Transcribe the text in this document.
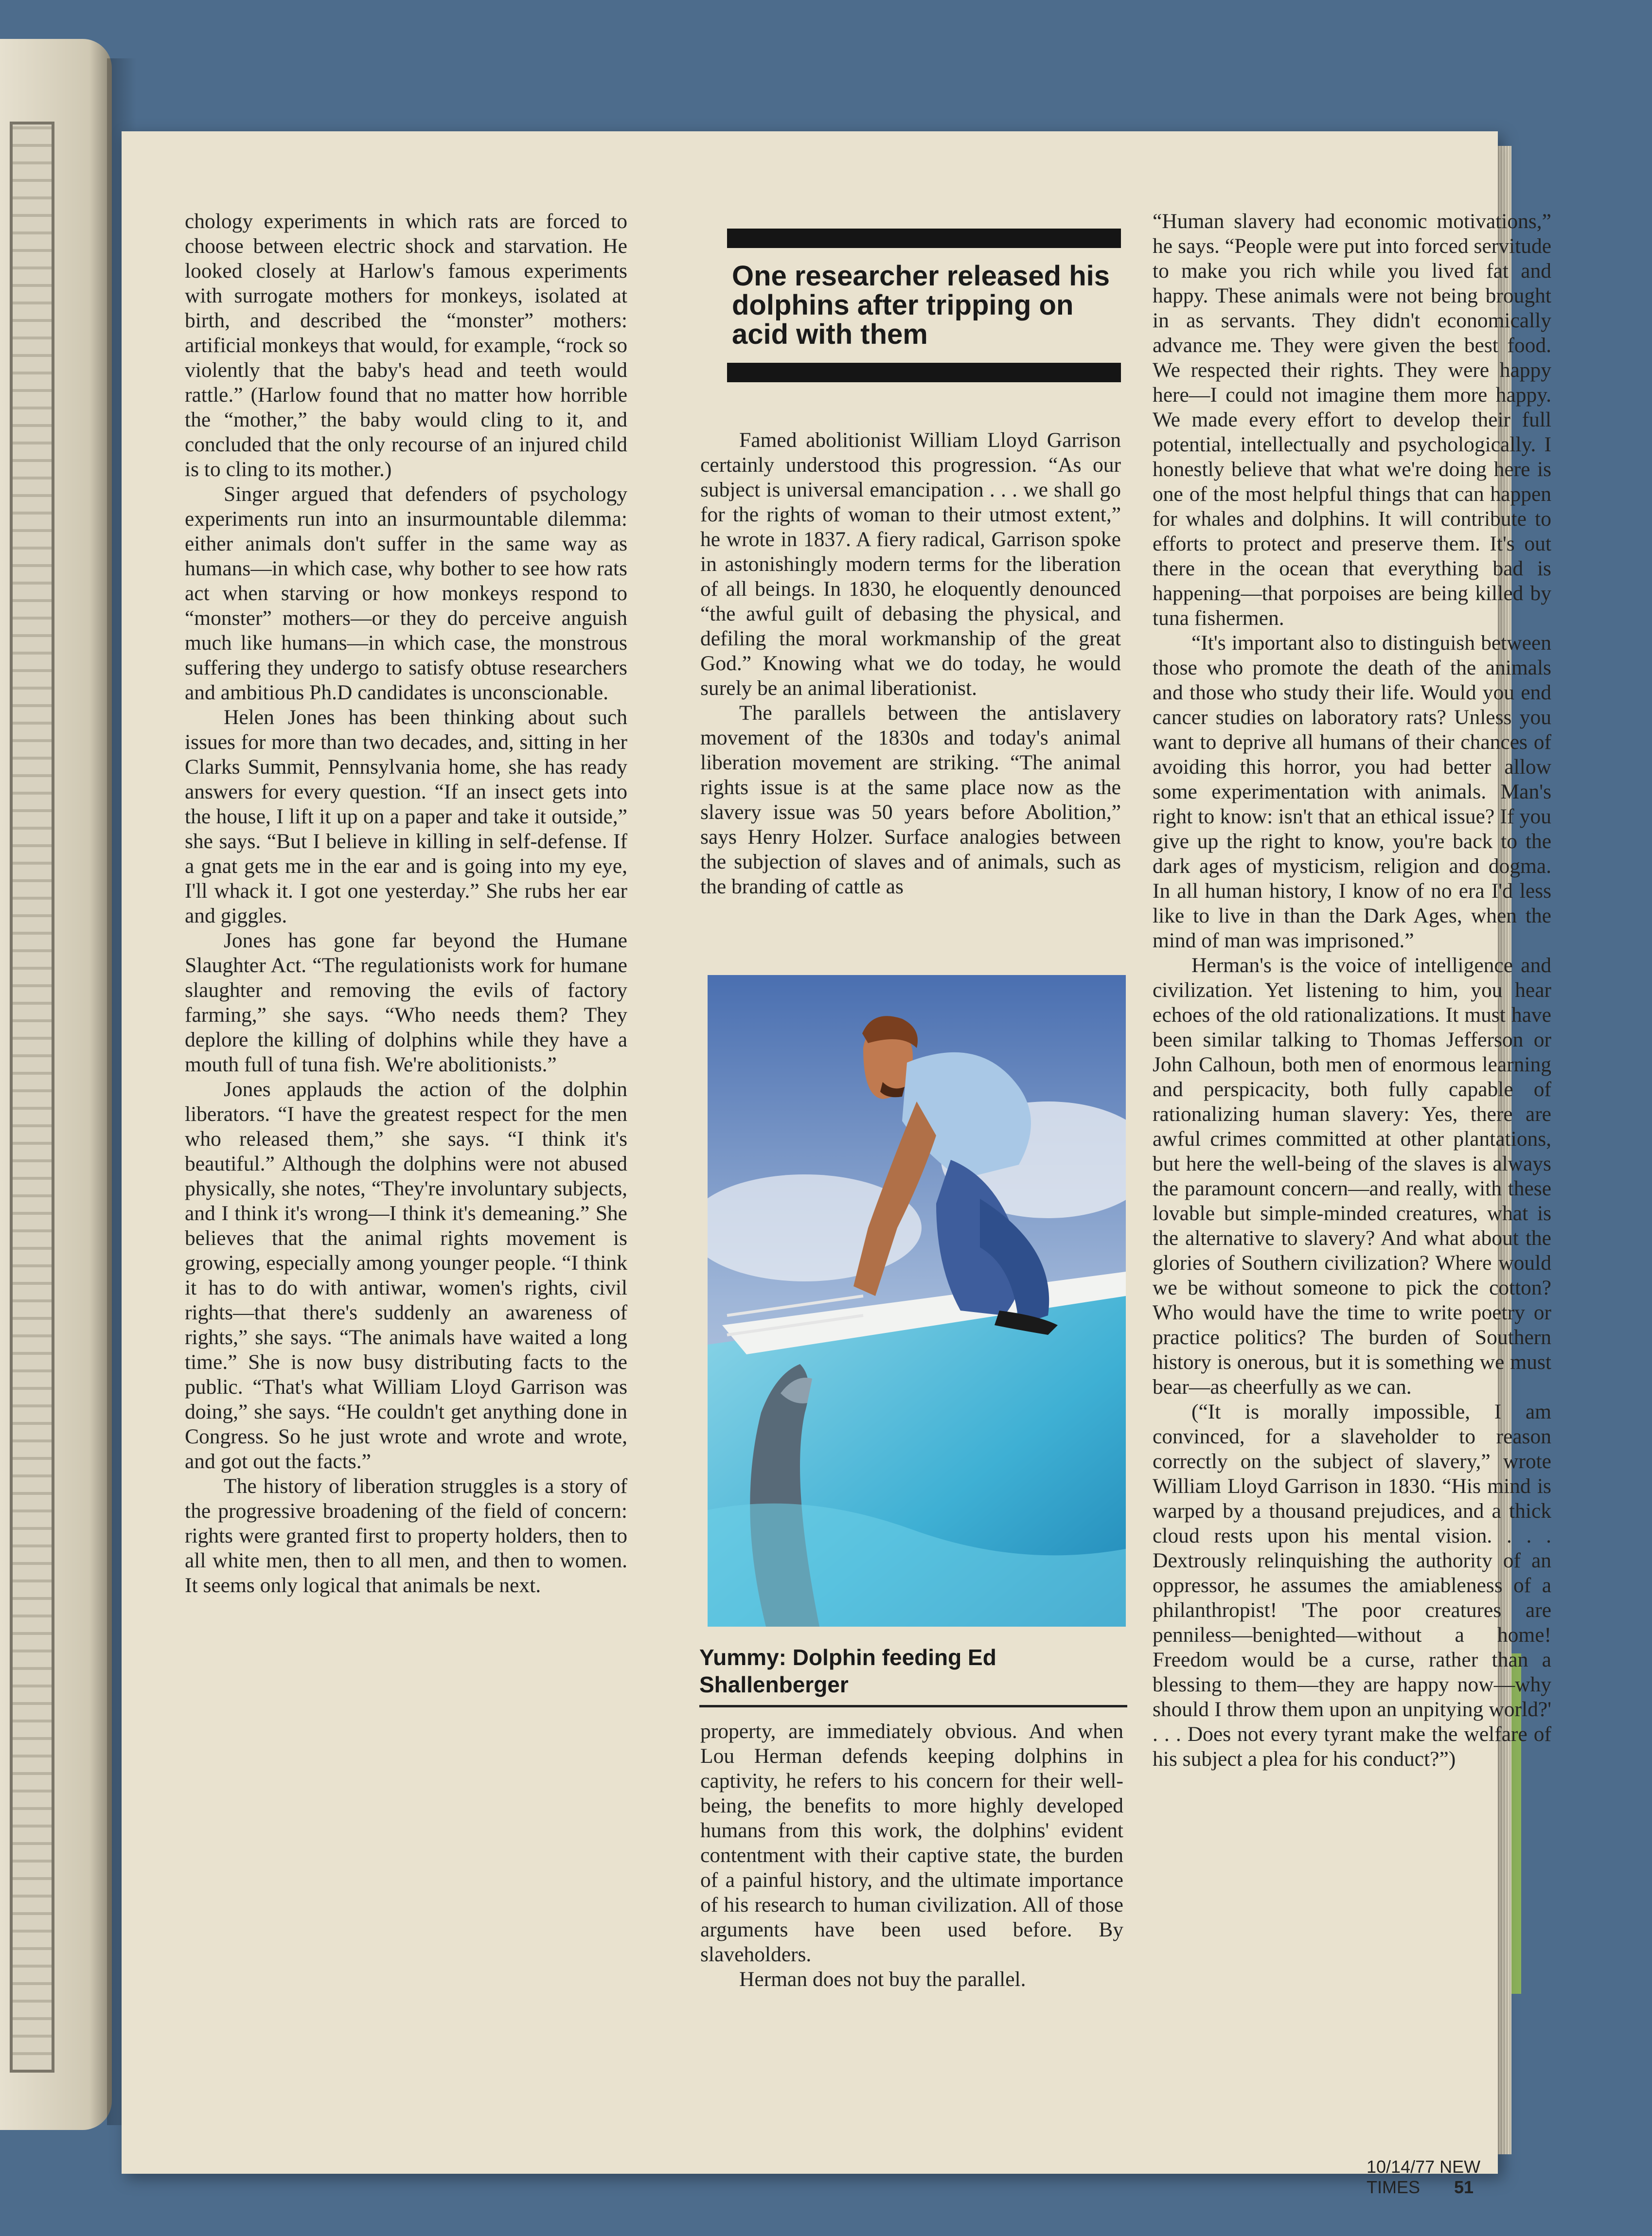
chology experiments in which rats are forced to choose between electric shock and starvation. He looked closely at Harlow's famous experiments with surrogate mothers for monkeys, isolated at birth, and described the “monster” mothers: artificial monkeys that would, for example, “rock so violently that the baby's head and teeth would rattle.” (Harlow found that no matter how horrible the “mother,” the baby would cling to it, and concluded that the only recourse of an injured child is to cling to its mother.)

Singer argued that defenders of psychology experiments run into an insurmountable dilemma: either animals don't suffer in the same way as humans—in which case, why bother to see how rats act when starving or how monkeys respond to “monster” mothers—or they do perceive anguish much like humans—in which case, the monstrous suffering they undergo to satisfy obtuse researchers and ambitious Ph.D candidates is unconscionable.

Helen Jones has been thinking about such issues for more than two decades, and, sitting in her Clarks Summit, Pennsylvania home, she has ready answers for every question. “If an insect gets into the house, I lift it up on a paper and take it outside,” she says. “But I believe in killing in self-defense. If a gnat gets me in the ear and is going into my eye, I'll whack it. I got one yesterday.” She rubs her ear and giggles.

Jones has gone far beyond the Humane Slaughter Act. “The regulationists work for humane slaughter and removing the evils of factory farming,” she says. “Who needs them? They deplore the killing of dolphins while they have a mouth full of tuna fish. We're abolitionists.”

Jones applauds the action of the dolphin liberators. “I have the greatest respect for the men who released them,” she says. “I think it's beautiful.” Although the dolphins were not abused physically, she notes, “They're involuntary subjects, and I think it's wrong—I think it's demeaning.” She believes that the animal rights movement is growing, especially among younger people. “I think it has to do with antiwar, women's rights, civil rights—that there's suddenly an awareness of rights,” she says. “The animals have waited a long time.” She is now busy distributing facts to the public. “That's what William Lloyd Garrison was doing,” she says. “He couldn't get anything done in Congress. So he just wrote and wrote and wrote, and got out the facts.”

The history of liberation struggles is a story of the progressive broadening of the field of concern: rights were granted first to property holders, then to all white men, then to all men, and then to women. It seems only logical that animals be next.

One researcher released his dolphins after tripping on acid with them

Famed abolitionist William Lloyd Garrison certainly understood this progression. “As our subject is universal emancipation . . . we shall go for the rights of woman to their utmost extent,” he wrote in 1837. A fiery radical, Garrison spoke in astonishingly modern terms for the liberation of all beings. In 1830, he eloquently denounced “the awful guilt of debasing the physical, and defiling the moral workmanship of the great God.” Knowing what we do today, he would surely be an animal liberationist.

The parallels between the antislavery movement of the 1830s and today's animal liberation movement are striking. “The animal rights issue is at the same place now as the slavery issue was 50 years before Abolition,” says Henry Holzer. Surface analogies between the subjection of slaves and of animals, such as the branding of cattle as

Yummy: Dolphin feeding Ed Shallenberger

property, are immediately obvious. And when Lou Herman defends keeping dolphins in captivity, he refers to his concern for their well-being, the benefits to more highly developed humans from this work, the dolphins' evident contentment with their captive state, the burden of a painful history, and the ultimate importance of his research to human civilization. All of those arguments have been used before. By slaveholders.

Herman does not buy the parallel.

“Human slavery had economic motivations,” he says. “People were put into forced servitude to make you rich while you lived fat and happy. These animals were not being brought in as servants. They didn't economically advance me. They were given the best food. We respected their rights. They were happy here—I could not imagine them more happy. We made every effort to develop their full potential, intellectually and psychologically. I honestly believe that what we're doing here is one of the most helpful things that can happen for whales and dolphins. It will contribute to efforts to protect and preserve them. It's out there in the ocean that everything bad is happening—that porpoises are being killed by tuna fishermen.

“It's important also to distinguish between those who promote the death of the animals and those who study their life. Would you end cancer studies on laboratory rats? Unless you want to deprive all humans of their chances of avoiding this horror, you had better allow some experimentation with animals. Man's right to know: isn't that an ethical issue? If you give up the right to know, you're back to the dark ages of mysticism, religion and dogma. In all human history, I know of no era I'd less like to live in than the Dark Ages, when the mind of man was imprisoned.”

Herman's is the voice of intelligence and civilization. Yet listening to him, you hear echoes of the old rationalizations. It must have been similar talking to Thomas Jefferson or John Calhoun, both men of enormous learning and perspicacity, both fully capable of rationalizing human slavery: Yes, there are awful crimes committed at other plantations, but here the well-being of the slaves is always the paramount concern—and really, with these lovable but simple-minded creatures, what is the alternative to slavery? And what about the glories of Southern civilization? Where would we be without someone to pick the cotton? Who would have the time to write poetry or practice politics? The burden of Southern history is onerous, but it is something we must bear—as cheerfully as we can.

(“It is morally impossible, I am convinced, for a slaveholder to reason correctly on the subject of slavery,” wrote William Lloyd Garrison in 1830. “His mind is warped by a thousand prejudices, and a thick cloud rests upon his mental vision. . . . Dextrously relinquishing the authority of an oppressor, he assumes the amiableness of a philanthropist! 'The poor creatures are penniless—benighted—without a home! Freedom would be a curse, rather than a blessing to them—they are happy now—why should I throw them upon an unpitying world?' . . . Does not every tyrant make the welfare of his subject a plea for his conduct?”)

10/14/77 NEW TIMES 51
